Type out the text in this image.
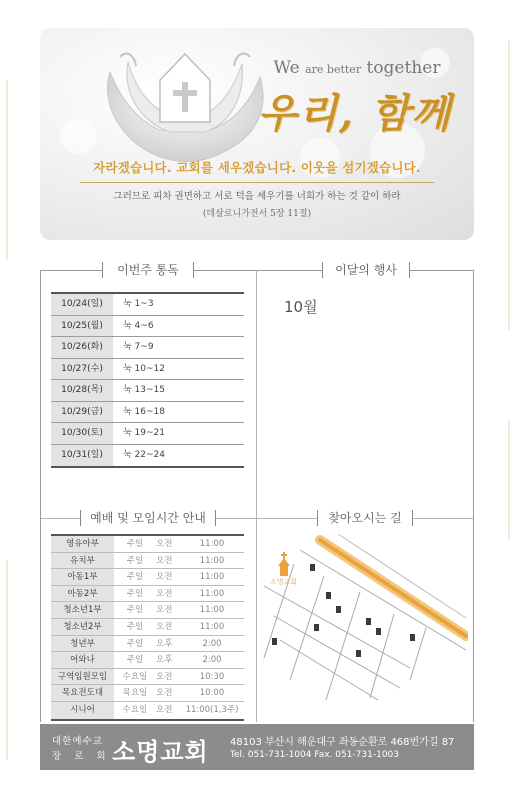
We are better together
우리, 함께
자라겠습니다. 교회를 세우겠습니다. 이웃을 섬기겠습니다.
그러므로 피차 권면하고 서로 덕을 세우기를 너희가 하는 것 같이 하라
(데살로니가전서 5장 11절)
이번주 통독	이달의 행사
예배 및 모임시간 안내	찾아오시는 길
10/24(일)	눅 1~3
10/25(월)	눅 4~6
10/26(화)	눅 7~9
10/27(수)	눅 10~12
10/28(목)	눅 13~15
10/29(금)	눅 16~18
10/30(토)	눅 19~21
10/31(일)	눅 22~24
10월
영유아부	주일	오전	11:00
유치부	주일	오전	11:00
아동1부	주일	오전	11:00
아동2부	주일	오전	11:00
청소년1부	주일	오전	11:00
청소년2부	주일	오전	11:00
청년부	주일	오후	2:00
어와나	주일	오후	2:00
구역임원모임	수요일	오전	10:30
목요전도대	목요일	오전	10:00
시니어	수요일	오전	11:00(1,3주)
소명교회
대한예수교
장 로 회 소명교회 48103 부산시 해운대구 좌동순환로 468번가길 87
Tel. 051-731-1004 Fax. 051-731-1003
